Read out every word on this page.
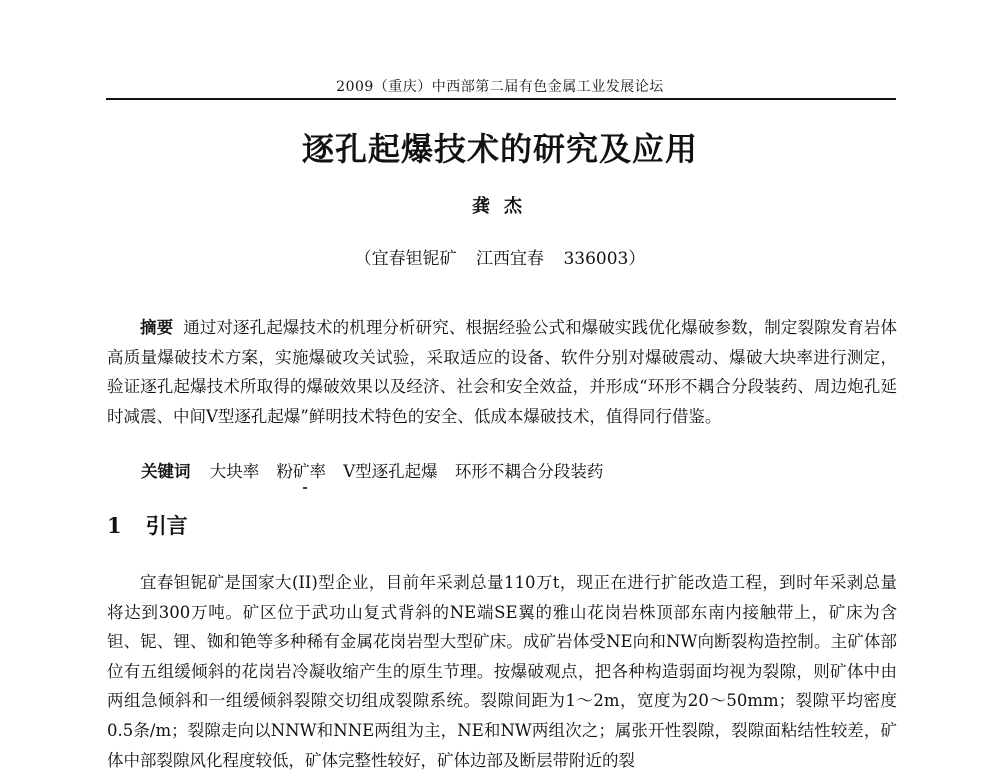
2009（重庆）中西部第二届有色金属工业发展论坛
逐孔起爆技术的研究及应用
龚杰
（宜春钽铌矿 江西宜春 336003）

摘要 通过对逐孔起爆技术的机理分析研究、根据经验公式和爆破实践优化爆破参数，制定裂隙发育岩体高质量爆破技术方案，实施爆破攻关试验，采取适应的设备、软件分别对爆破震动、爆破大块率进行测定，验证逐孔起爆技术所取得的爆破效果以及经济、社会和安全效益，并形成“环形不耦合分段装药、周边炮孔延时减震、中间V型逐孔起爆”鲜明技术特色的安全、低成本爆破技术，值得同行借鉴。

关键词 大块率 粉矿率 V型逐孔起爆 环形不耦合分段装药
1 引言

宜春钽铌矿是国家大(II)型企业，目前年采剥总量110万t，现正在进行扩能改造工程，到时年采剥总量将达到300万吨。矿区位于武功山复式背斜的NE端SE翼的雅山花岗岩株顶部东南内接触带上，矿床为含钽、铌、锂、铷和铯等多种稀有金属花岗岩型大型矿床。成矿岩体受NE向和NW向断裂构造控制。主矿体部位有五组缓倾斜的花岗岩冷凝收缩产生的原生节理。按爆破观点，把各种构造弱面均视为裂隙，则矿体中由两组急倾斜和一组缓倾斜裂隙交切组成裂隙系统。裂隙间距为1～2m，宽度为20～50mm；裂隙平均密度0.5条/m；裂隙走向以NNW和NNE两组为主，NE和NW两组次之；属张开性裂隙，裂隙面粘结性较差，矿体中部裂隙风化程度较低，矿体完整性较好，矿体边部及断层带附近的裂
